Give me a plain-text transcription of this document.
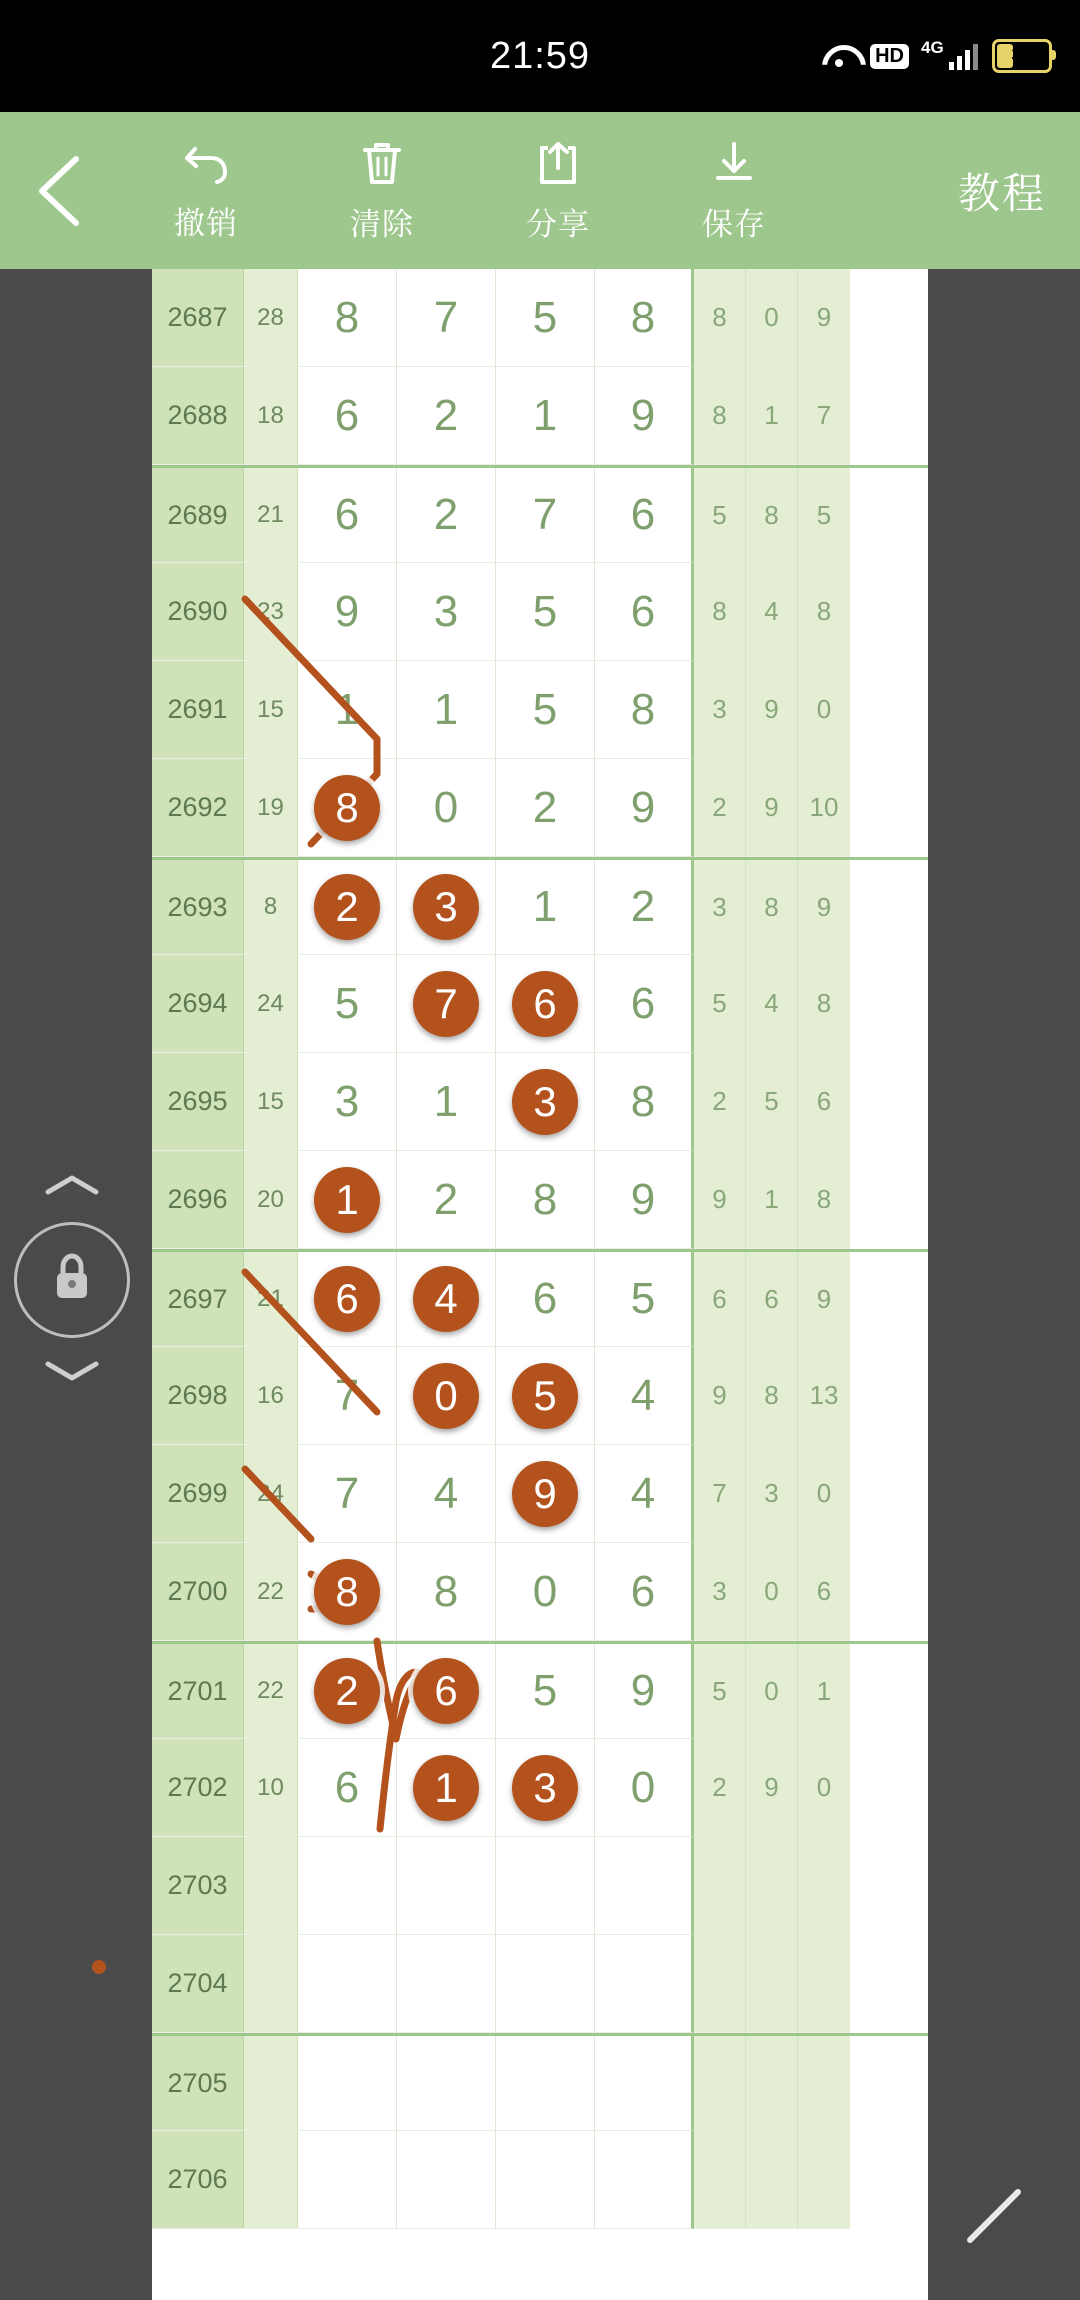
21:59	HD 4G	34
撤销	清除	分享	保存
教程
2687	28	8	7	5	8	8	0	9
2688	18	6	2	1	9	8	1	7
2689	21	6	2	7	6	5	8	5
2690	23	9	3	5	6	8	4	8
2691	15	1	1	5	8	3	9	0
2692	19	8	0	2	9	2	9	10
2693	8	2	3	1	2	3	8	9
2694	24	5	7	6	6	5	4	8
2695	15	3	1	3	8	2	5	6
2696	20	1	2	8	9	9	1	8
2697	21	6	4	6	5	6	6	9
2698	16	7	0	5	4	9	8	13
2699	24	7	4	9	4	7	3	0
2700	22	8	8	0	6	3	0	6
2701	22	2	6	5	9	5	0	1
2702	10	6	1	3	0	2	9	0
2703
2704
2705
2706
